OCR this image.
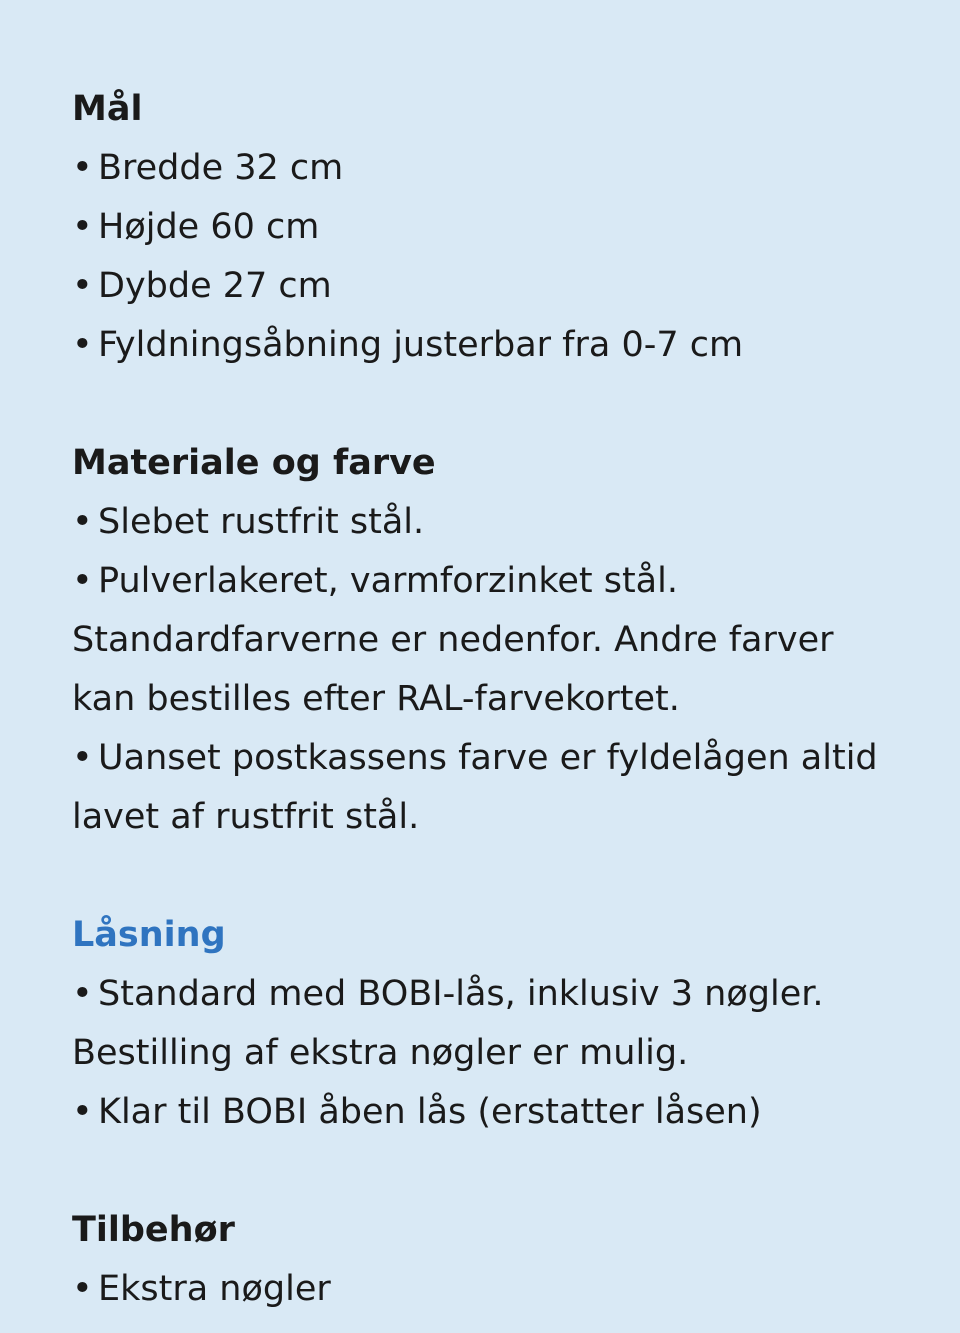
Mål

• Bredde 32 cm

• Højde 60 cm

• Dybde 27 cm

• Fyldningsåbning justerbar fra 0-7 cm

Materiale og farve

• Slebet rustfrit stål.

• Pulverlakeret, varmforzinket stål.

Standardfarverne er nedenfor. Andre farver

kan bestilles efter RAL-farvekortet.

• Uanset postkassens farve er fyldelågen altid

lavet af rustfrit stål.

Låsning

• Standard med BOBI-lås, inklusiv 3 nøgler.

Bestilling af ekstra nøgler er mulig.

• Klar til BOBI åben lås (erstatter låsen)

Tilbehør

• Ekstra nøgler
